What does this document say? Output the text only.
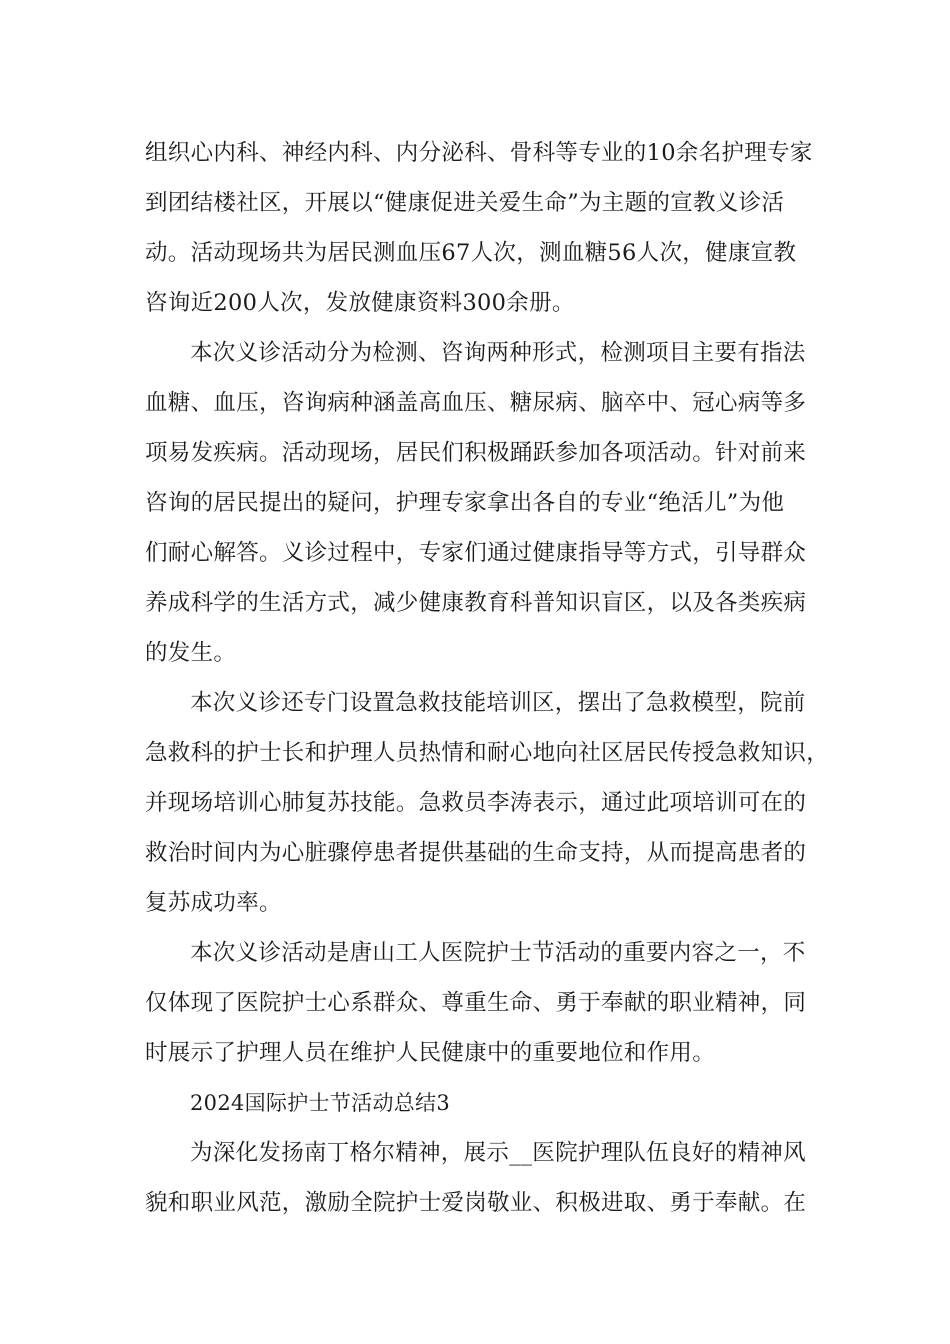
组织心内科、神经内科、内分泌科、骨科等专业的10余名护理专家
到团结楼社区，开展以“健康促进关爱生命”为主题的宣教义诊活
动。活动现场共为居民测血压67人次，测血糖56人次，健康宣教
咨询近200人次，发放健康资料300余册。
本次义诊活动分为检测、咨询两种形式，检测项目主要有指法
血糖、血压，咨询病种涵盖高血压、糖尿病、脑卒中、冠心病等多
项易发疾病。活动现场，居民们积极踊跃参加各项活动。针对前来
咨询的居民提出的疑问，护理专家拿出各自的专业“绝活儿”为他
们耐心解答。义诊过程中，专家们通过健康指导等方式，引导群众
养成科学的生活方式，减少健康教育科普知识盲区，以及各类疾病
的发生。
本次义诊还专门设置急救技能培训区，摆出了急救模型，院前
急救科的护士长和护理人员热情和耐心地向社区居民传授急救知识，
并现场培训心肺复苏技能。急救员李涛表示，通过此项培训可在的
救治时间内为心脏骤停患者提供基础的生命支持，从而提高患者的
复苏成功率。
本次义诊活动是唐山工人医院护士节活动的重要内容之一，不
仅体现了医院护士心系群众、尊重生命、勇于奉献的职业精神，同
时展示了护理人员在维护人民健康中的重要地位和作用。
2024国际护士节活动总结3
为深化发扬南丁格尔精神，展示__医院护理队伍良好的精神风
貌和职业风范，激励全院护士爱岗敬业、积极进取、勇于奉献。在
